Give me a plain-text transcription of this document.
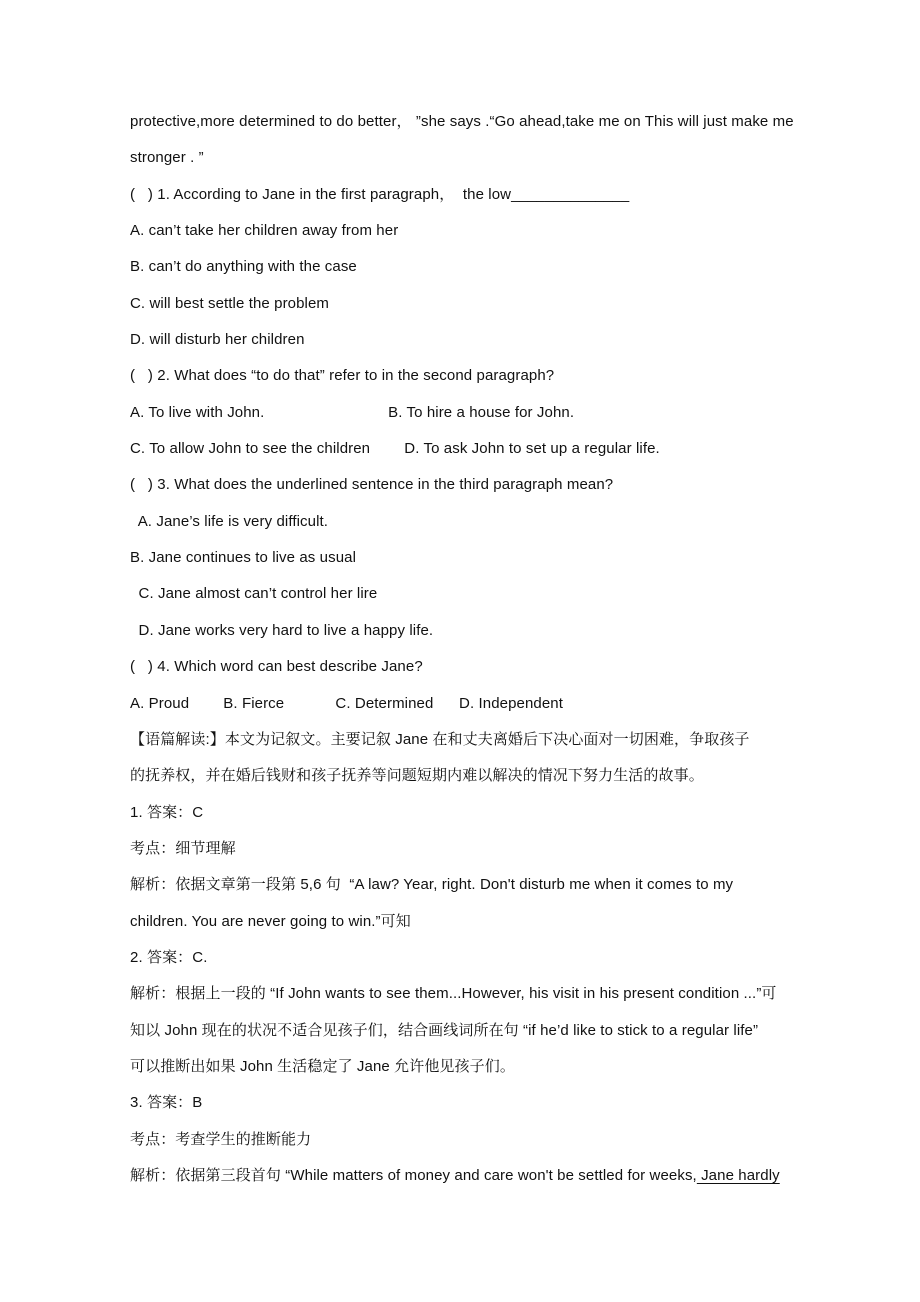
protective,more determined to do better， ”she says .“Go ahead,take me on This will just make me
stronger . ”
(   ) 1. According to Jane in the first paragraph，  the low______________
A. can’t take her children away from her
B. can’t do anything with the case
C. will best settle the problem
D. will disturb her children
(   ) 2. What does “to do that” refer to in the second paragraph?
A. To live with John.                             B. To hire a house for John.
C. To allow John to see the children        D. To ask John to set up a regular life.
(   ) 3. What does the underlined sentence in the third paragraph mean?
A. Jane’s life is very difficult.
B. Jane continues to live as usual
C. Jane almost can’t control her lire
D. Jane works very hard to live a happy life.
(   ) 4. Which word can best describe Jane?
A. Proud        B. Fierce            C. Determined      D. Independent
【语篇解读:】本文为记叙文。主要记叙 Jane 在和丈夫离婚后下决心面对一切困难，争取孩子
的抚养权，并在婚后钱财和孩子抚养等问题短期内难以解决的情况下努力生活的故事。
1. 答案：C
考点：细节理解
解析：依据文章第一段第 5,6 句  “A law? Year, right. Don't disturb me when it comes to my
children. You are never going to win.”可知
2. 答案：C.
解析：根据上一段的 “If John wants to see them...However, his visit in his present condition ...”可
知以 John 现在的状况不适合见孩子们，结合画线词所在句 “if he’d like to stick to a regular life”
可以推断出如果 John 生活稳定了 Jane 允许他见孩子们。
3. 答案：B
考点：考查学生的推断能力
解析：依据第三段首句 “While matters of money and care won't be settled for weeks, Jane hardly
